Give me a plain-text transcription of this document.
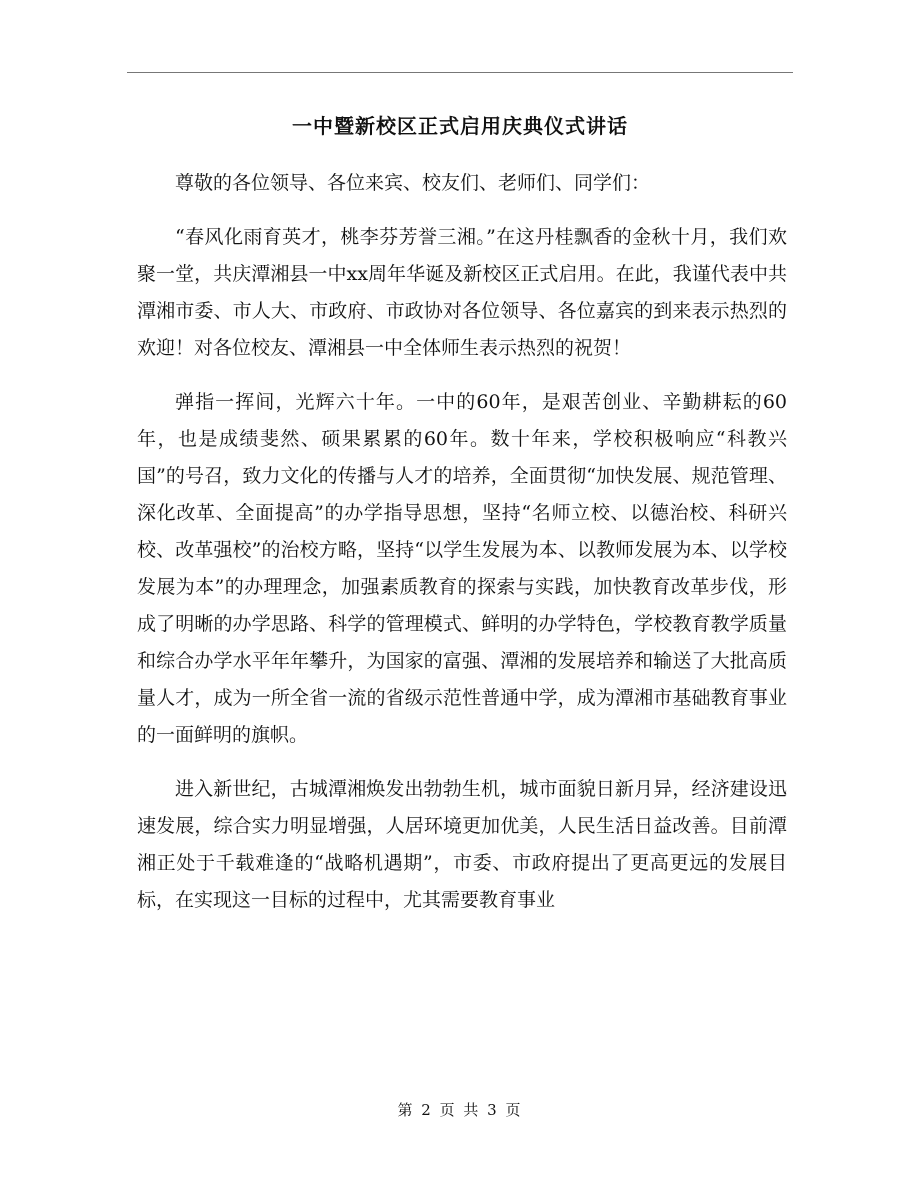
一中暨新校区正式启用庆典仪式讲话

尊敬的各位领导、各位来宾、校友们、老师们、同学们：

“春风化雨育英才，桃李芬芳誉三湘。”在这丹桂飘香的金秋十月，我们欢聚一堂，共庆潭湘县一中xx周年华诞及新校区正式启用。在此，我谨代表中共潭湘市委、市人大、市政府、市政协对各位领导、各位嘉宾的到来表示热烈的欢迎！对各位校友、潭湘县一中全体师生表示热烈的祝贺！

弹指一挥间，光辉六十年。一中的60年，是艰苦创业、辛勤耕耘的60年，也是成绩斐然、硕果累累的60年。数十年来，学校积极响应“科教兴国”的号召，致力文化的传播与人才的培养，全面贯彻“加快发展、规范管理、深化改革、全面提高”的办学指导思想，坚持“名师立校、以德治校、科研兴校、改革强校”的治校方略，坚持“以学生发展为本、以教师发展为本、以学校发展为本”的办理理念，加强素质教育的探索与实践，加快教育改革步伐，形成了明晰的办学思路、科学的管理模式、鲜明的办学特色，学校教育教学质量和综合办学水平年年攀升，为国家的富强、潭湘的发展培养和输送了大批高质量人才，成为一所全省一流的省级示范性普通中学，成为潭湘市基础教育事业的一面鲜明的旗帜。

进入新世纪，古城潭湘焕发出勃勃生机，城市面貌日新月异，经济建设迅速发展，综合实力明显增强，人居环境更加优美，人民生活日益改善。目前潭湘正处于千载难逢的“战略机遇期”，市委、市政府提出了更高更远的发展目标，在实现这一目标的过程中，尤其需要教育事业

第 2 页 共 3 页
